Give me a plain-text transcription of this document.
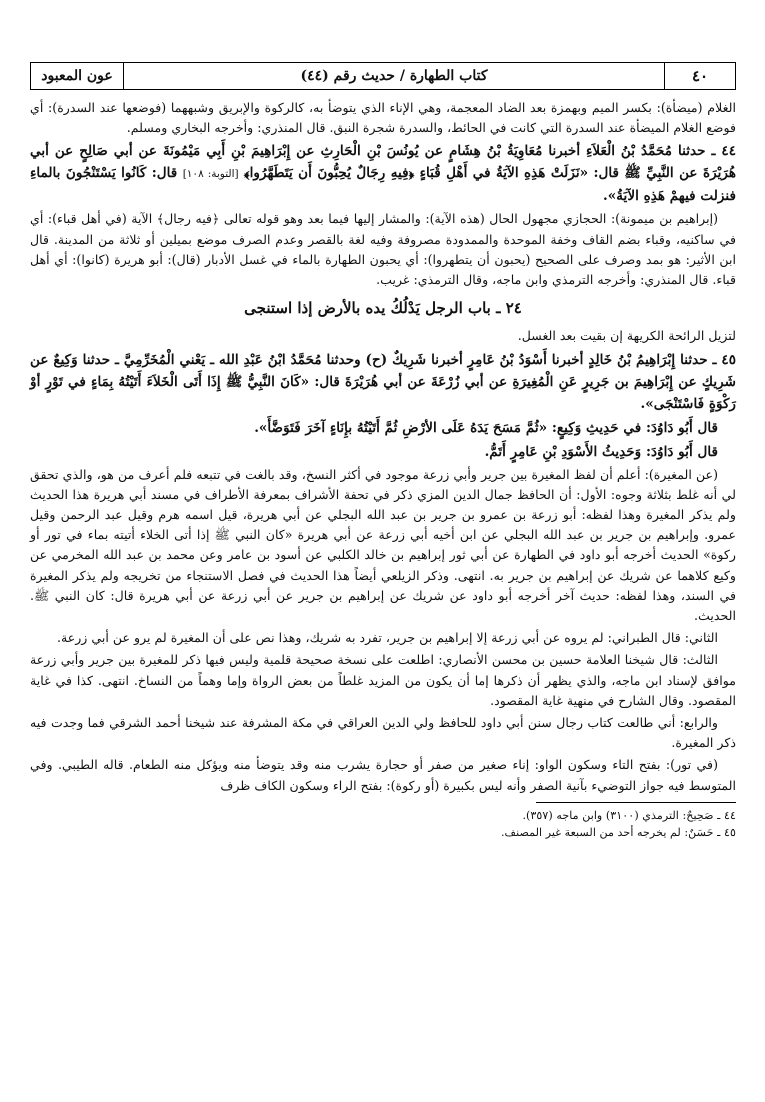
٤٠
كتاب الطهارة / حديث رقم (٤٤)
عون المعبود

الغلام (ميضأة): بكسر الميم وبهمزة بعد الضاد المعجمة، وهي الإناء الذي يتوضأ به، كالركوة والإبريق وشبههما (فوضعها عند السدرة): أي فوضع الغلام الميضأة عند السدرة التي كانت في الحائط، والسدرة شجرة النبق. قال المنذري: وأخرجه البخاري ومسلم.

٤٤ ـ حدثنا مُحَمَّدُ بْنُ الْعَلاَءِ أخبرنا مُعَاوِيَةُ بْنُ هِشَامٍ عن يُونُسَ بْنِ الْحَارِثِ عن إِبْرَاهِيمَ بْنِ أَبِي مَيْمُونَةَ عن أبي صَالِحٍ عن أبي هُرَيْرَةَ عن النَّبِيِّ ﷺ قال: «نَزَلَتْ هَذِهِ الآيَةُ في أَهْلِ قُبَاءٍ ﴿فِيهِ رِجَالٌ يُحِبُّونَ أَن يَتَطَهَّرُوا﴾ [التوبة: ١٠٨] قال: كَانُوا يَسْتَنْجُونَ بالماءِ فنزلت فيهمْ هَذِهِ الآيَةُ».

(إبراهيم بن ميمونة): الحجازي مجهول الحال (هذه الآية): والمشار إليها فيما بعد وهو قوله تعالى ﴿فيه رجال﴾ الآية (في أهل قباء): أي في ساكنيه، وقباء بضم القاف وخفة الموحدة والممدودة مصروفة وفيه لغة بالقصر وعدم الصرف موضع بميلين أو ثلاثة من المدينة. قال ابن الأثير: هو بمد وصرف على الصحيح (يحبون أن يتطهروا): أي يحبون الطهارة بالماء في غسل الأدبار (قال): أبو هريرة (كانوا): أي أهل قباء. قال المنذري: وأخرجه الترمذي وابن ماجه، وقال الترمذي: غريب.

٢٤ ـ باب الرجل يَدْلُكُ يده بالأرض إذا استنجى

لتزيل الرائحة الكريهة إن بقيت بعد الغسل.

٤٥ ـ حدثنا إِبْرَاهِيمُ بْنُ خَالِدٍ أخبرنا أَسْوَدُ بْنُ عَامِرٍ أخبرنا شَرِيكٌ (ح) وحدثنا مُحَمَّدُ ابْنُ عَبْدِ الله ـ يَعْني الْمُخَرِّمِيَّ ـ حدثنا وَكِيعٌ عن شَرِيكٍ عن إِبْرَاهِيمَ بن جَرِيرٍ عَنِ الْمُغِيرَةِ عن أبي زُرْعَةَ عن أبي هُرَيْرَةَ قال: «كَانَ النَّبِيُّ ﷺ إِذَا أَتَى الْخَلاَءَ أَتَيْتُهُ بِمَاءٍ في تَوْرٍ أوْ رَكْوَةٍ فَاسْتَنْجَى».

قال أَبُو دَاوُدَ: في حَدِيثِ وَكِيعٍ: «ثُمَّ مَسَحَ يَدَهُ عَلَى الأرْضِ ثُمَّ أَتَيْتُهُ بإِنَاءٍ آخَرَ فَتَوَضَّأَ».

قال أَبُو دَاوُدَ: وَحَدِيثُ الأَسْوَدِ بْنِ عَامِرٍ أَتَمُّ.

(عن المغيرة): أعلم أن لفظ المغيرة بين جرير وأبي زرعة موجود في أكثر النسخ، وقد بالغت في تتبعه فلم أعرف من هو، والذي تحقق لي أنه غلط بثلاثة وجوه: الأول: أن الحافظ جمال الدين المزي ذكر في تحفة الأشراف بمعرفة الأطراف في مسند أبي هريرة هذا الحديث ولم يذكر المغيرة وهذا لفظه: أبو زرعة بن عمرو بن جرير بن عبد الله البجلي عن أبي هريرة، قيل اسمه هرم وقيل عبد الرحمن وقيل عمرو. وإبراهيم بن جرير بن عبد الله البجلي عن ابن أخيه أبي زرعة عن أبي هريرة «كان النبي ﷺ إذا أتى الخلاء أتيته بماء في تور أو ركوة» الحديث أخرجه أبو داود في الطهارة عن أبي ثور إبراهيم بن خالد الكلبي عن أسود بن عامر وعن محمد بن عبد الله المخرمي عن وكيع كلاهما عن شريك عن إبراهيم بن جرير به. انتهى. وذكر الزيلعي أيضاً هذا الحديث في فصل الاستنجاء من تخريجه ولم يذكر المغيرة في السند، وهذا لفظه: حديث آخر أخرجه أبو داود عن شريك عن إبراهيم بن جرير عن أبي زرعة عن أبي هريرة قال: كان النبي ﷺ. الحديث.

الثاني: قال الطبراني: لم يروه عن أبي زرعة إلا إبراهيم بن جرير، تفرد به شريك، وهذا نص على أن المغيرة لم يرو عن أبي زرعة.

الثالث: قال شيخنا العلامة حسين بن محسن الأنصاري: اطلعت على نسخة صحيحة قلمية وليس فيها ذكر للمغيرة بين جرير وأبي زرعة موافق لإسناد ابن ماجه، والذي يظهر أن ذكرها إما أن يكون من المزيد غلطاً من بعض الرواة وإما وهماً من النساخ. انتهى. كذا في غاية المقصود. وقال الشارح في منهية غاية المقصود.

والرابع: أني طالعت كتاب رجال سنن أبي داود للحافظ ولي الدين العراقي في مكة المشرفة عند شيخنا أحمد الشرقي فما وجدت فيه ذكر المغيرة.

(في تور): بفتح التاء وسكون الواو: إناء صغير من صفر أو حجارة يشرب منه وقد يتوضأ منه ويؤكل منه الطعام. قاله الطيبي. وفي المتوسط فيه جواز التوضيء بآنية الصفر وأنه ليس بكبيرة (أو ركوة): بفتح الراء وسكون الكاف ظرف

٤٤ ـ صَحِيحٌ: الترمذي (٣١٠٠) وابن ماجه (٣٥٧).
٤٥ ـ حَسَنٌ: لم يخرجه أحد من السبعة غير المصنف.
